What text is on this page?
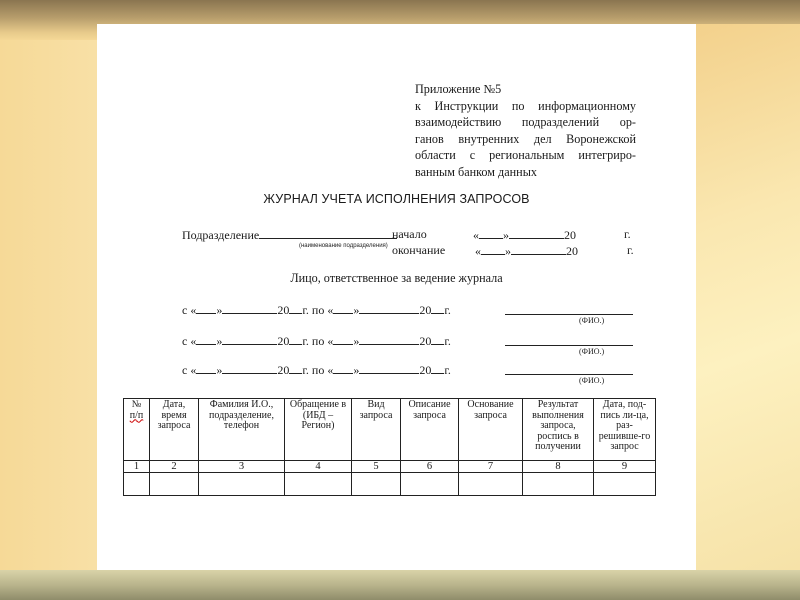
Приложение №5
к Инструкции по информационному
взаимодействию подразделений ор-
ганов внутренних дел Воронежской
области с региональным интегриро-
ванным банком данных
ЖУРНАЛ УЧЕТА ИСПОЛНЕНИЯ ЗАПРОСОВ
Подразделение
(наименование подразделения)
начало	« »	20	г.
окончание « »	20	г.
Лицо, ответственное за ведение журнала
с « »	20 г. по « »	20 г.
(ФИО.)
с « »	20 г. по « »	20 г.
(ФИО.)
с « »	20 г. по « »	20 г.
(ФИО.)
№
п/п	Дата, время запроса	Фамилия И.О., подразделение, телефон	Обращение в (ИБД – Регион)	Вид запроса	Описание запроса	Основание запроса	Результат выполнения запроса, роспись в получении	Дата, под-пись ли-ца, раз-решивше-го запрос
1	2	3	4	5	6	7	8	9
